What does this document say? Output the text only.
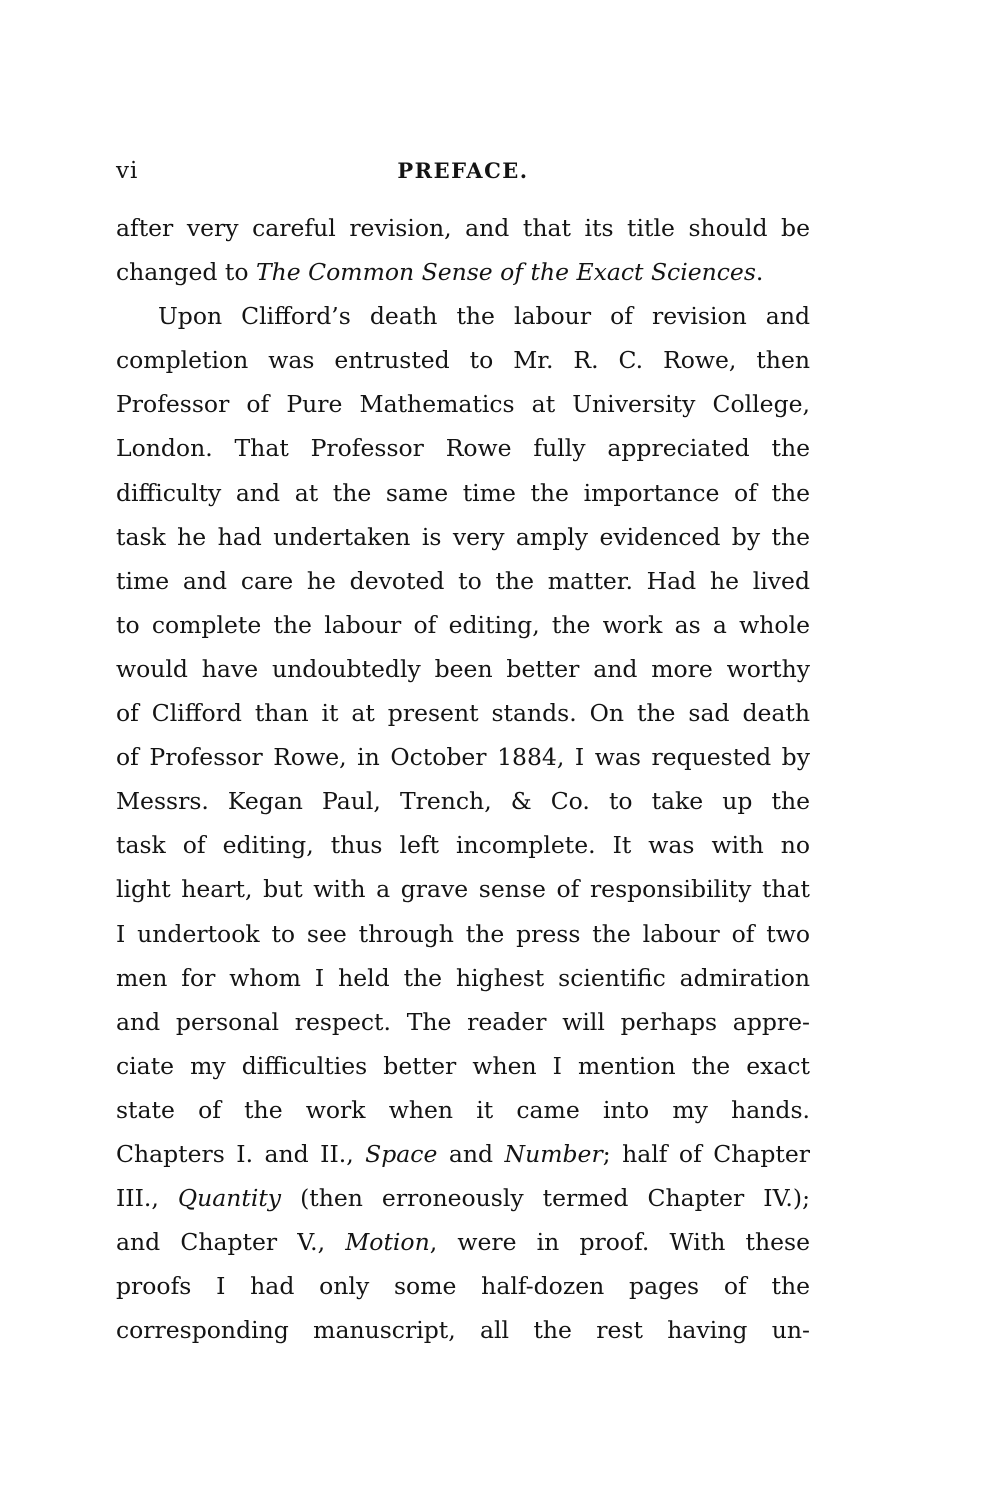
vi	PREFACE.
after very careful revision, and that its title should be
changed to The Common Sense of the Exact Sciences.
Upon Clifford’s death the labour of revision and
completion was entrusted to Mr. R. C. Rowe, then
Professor of Pure Mathematics at University College,
London. That Professor Rowe fully appreciated the
difficulty and at the same time the importance of the
task he had undertaken is very amply evidenced by the
time and care he devoted to the matter. Had he lived
to complete the labour of editing, the work as a whole
would have undoubtedly been better and more worthy
of Clifford than it at present stands. On the sad death
of Professor Rowe, in October 1884, I was requested by
Messrs. Kegan Paul, Trench, & Co. to take up the
task of editing, thus left incomplete. It was with no
light heart, but with a grave sense of responsibility that
I undertook to see through the press the labour of two
men for whom I held the highest scientific admiration
and personal respect. The reader will perhaps appre-
ciate my difficulties better when I mention the exact
state of the work when it came into my hands.
Chapters I. and II., Space and Number; half of Chapter
III., Quantity (then erroneously termed Chapter IV.);
and Chapter V., Motion, were in proof. With these
proofs I had only some half-dozen pages of the
corresponding manuscript, all the rest having un-
